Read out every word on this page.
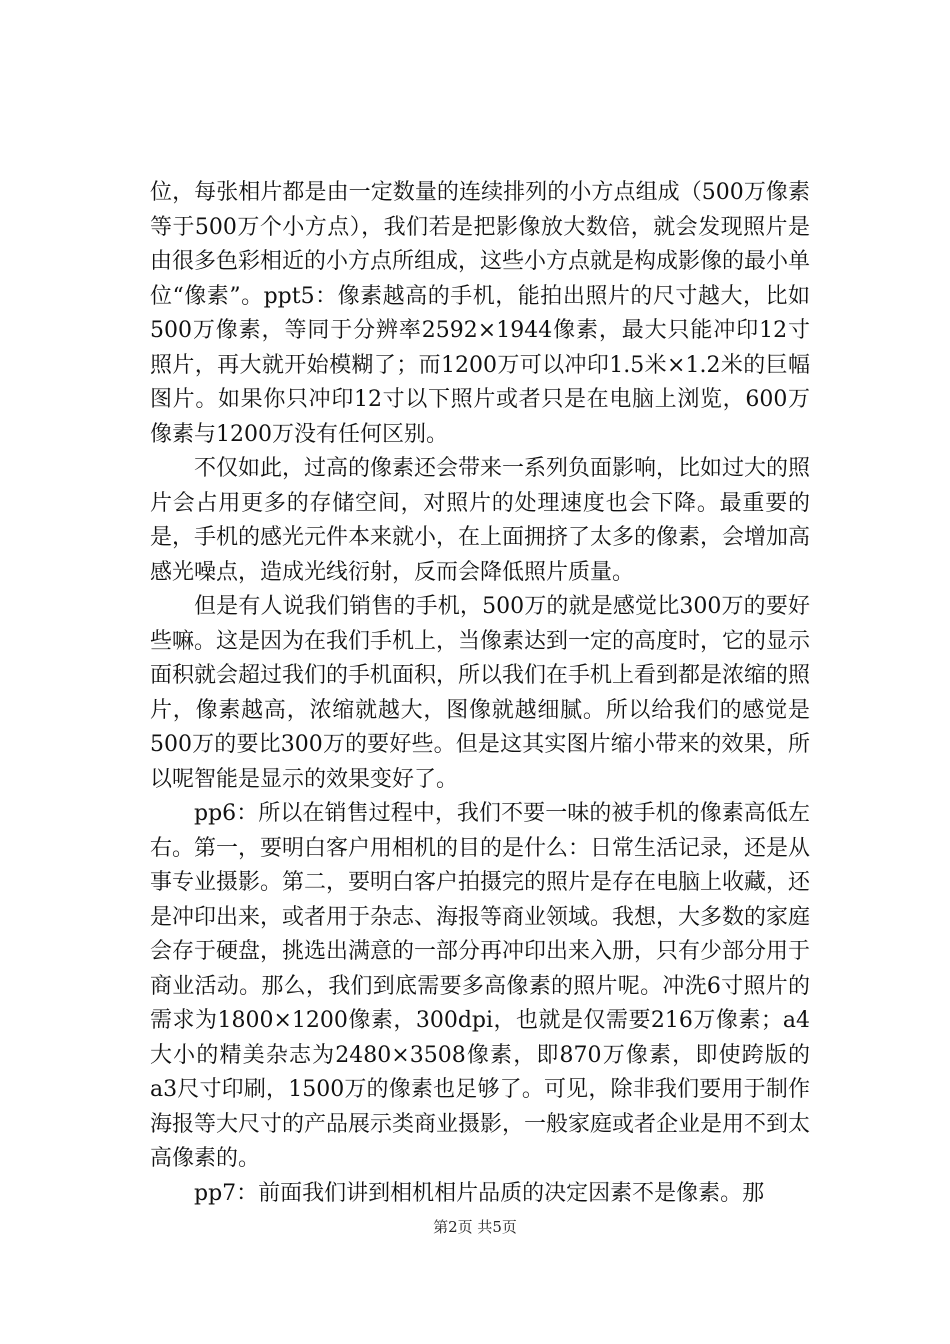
位，每张相片都是由一定数量的连续排列的小方点组成（500万像素等于500万个小方点），我们若是把影像放大数倍，就会发现照片是由很多色彩相近的小方点所组成，这些小方点就是构成影像的最小单位“像素”。ppt5：像素越高的手机，能拍出照片的尺寸越大，比如500万像素，等同于分辨率2592×1944像素，最大只能冲印12寸照片，再大就开始模糊了；而1200万可以冲印1.5米×1.2米的巨幅图片。如果你只冲印12寸以下照片或者只是在电脑上浏览，600万像素与1200万没有任何区别。

不仅如此，过高的像素还会带来一系列负面影响，比如过大的照片会占用更多的存储空间，对照片的处理速度也会下降。最重要的是，手机的感光元件本来就小，在上面拥挤了太多的像素，会增加高感光噪点，造成光线衍射，反而会降低照片质量。

但是有人说我们销售的手机，500万的就是感觉比300万的要好些嘛。这是因为在我们手机上，当像素达到一定的高度时，它的显示面积就会超过我们的手机面积，所以我们在手机上看到都是浓缩的照片，像素越高，浓缩就越大，图像就越细腻。所以给我们的感觉是500万的要比300万的要好些。但是这其实图片缩小带来的效果，所以呢智能是显示的效果变好了。

pp6：所以在销售过程中，我们不要一味的被手机的像素高低左右。第一，要明白客户用相机的目的是什么：日常生活记录，还是从事专业摄影。第二，要明白客户拍摄完的照片是存在电脑上收藏，还是冲印出来，或者用于杂志、海报等商业领域。我想，大多数的家庭会存于硬盘，挑选出满意的一部分再冲印出来入册，只有少部分用于商业活动。那么，我们到底需要多高像素的照片呢。冲洗6寸照片的需求为1800×1200像素，300dpi，也就是仅需要216万像素；a4大小的精美杂志为2480×3508像素，即870万像素，即使跨版的a3尺寸印刷，1500万的像素也足够了。可见，除非我们要用于制作海报等大尺寸的产品展示类商业摄影，一般家庭或者企业是用不到太高像素的。

pp7：前面我们讲到相机相片品质的决定因素不是像素。那

第2页 共5页
